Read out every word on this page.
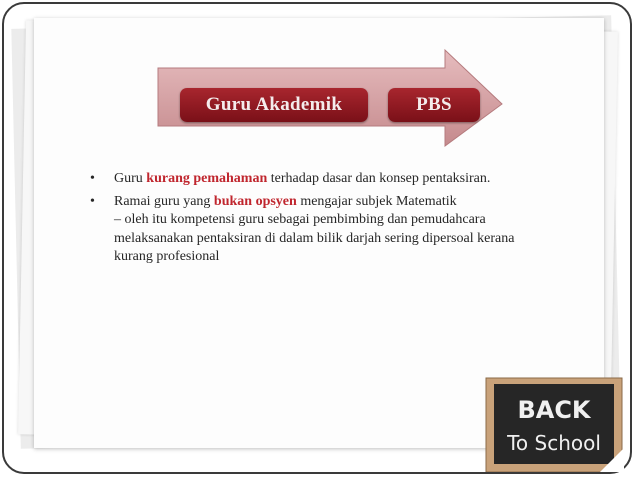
Guru Akademik	PBS
• Guru kurang pemahaman terhadap dasar dan konsep pentaksiran.
• Ramai guru yang bukan opsyen mengajar subjek Matematik
– oleh itu kompetensi guru sebagai pembimbing dan pemudahcara melaksanakan pentaksiran di dalam bilik darjah sering dipersoal kerana kurang profesional
BACK
To School
